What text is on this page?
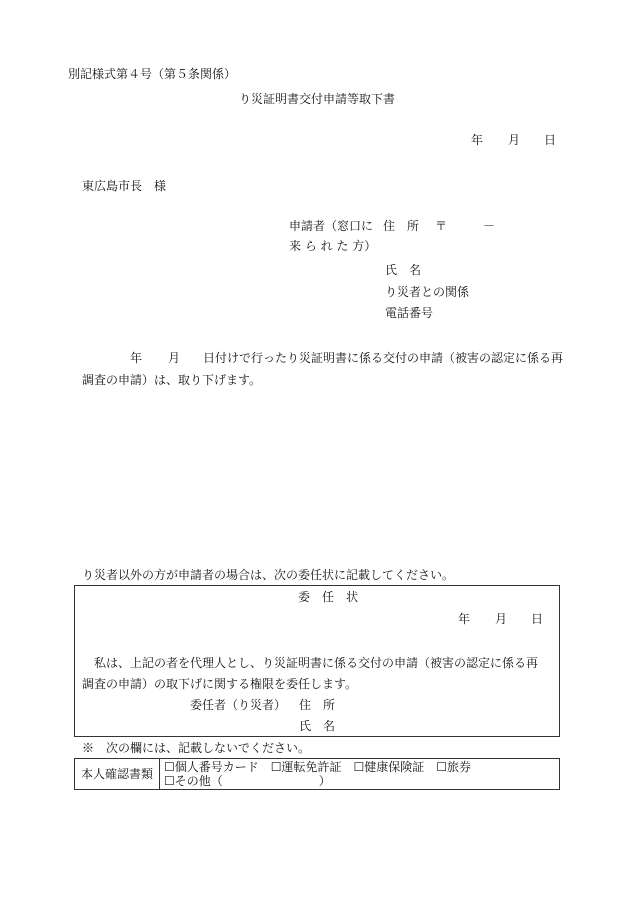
別記様式第４号（第５条関係）
り災証明書交付申請等取下書
年 月 日
東広島市長　様
申請者（窓口に 住　所 〒	－
来 ら れ た 方）
氏　名
り災者との関係
電話番号
年 月 日付けで行ったり災証明書に係る交付の申請（被害の認定に係る再
調査の申請）は、取り下げます。
り災者以外の方が申請者の場合は、次の委任状に記載してください。
委　任　状
年 月 日
私は、上記の者を代理人とし、り災証明書に係る交付の申請（被害の認定に係る再
調査の申請）の取下げに関する権限を委任します。
委任者（り災者） 住　所
氏　名
※　次の欄には、記載しないでください。
本人確認書類	☐個人番号カード ☐運転免許証 ☐健康保険証 ☐旅券
☐その他（	）
